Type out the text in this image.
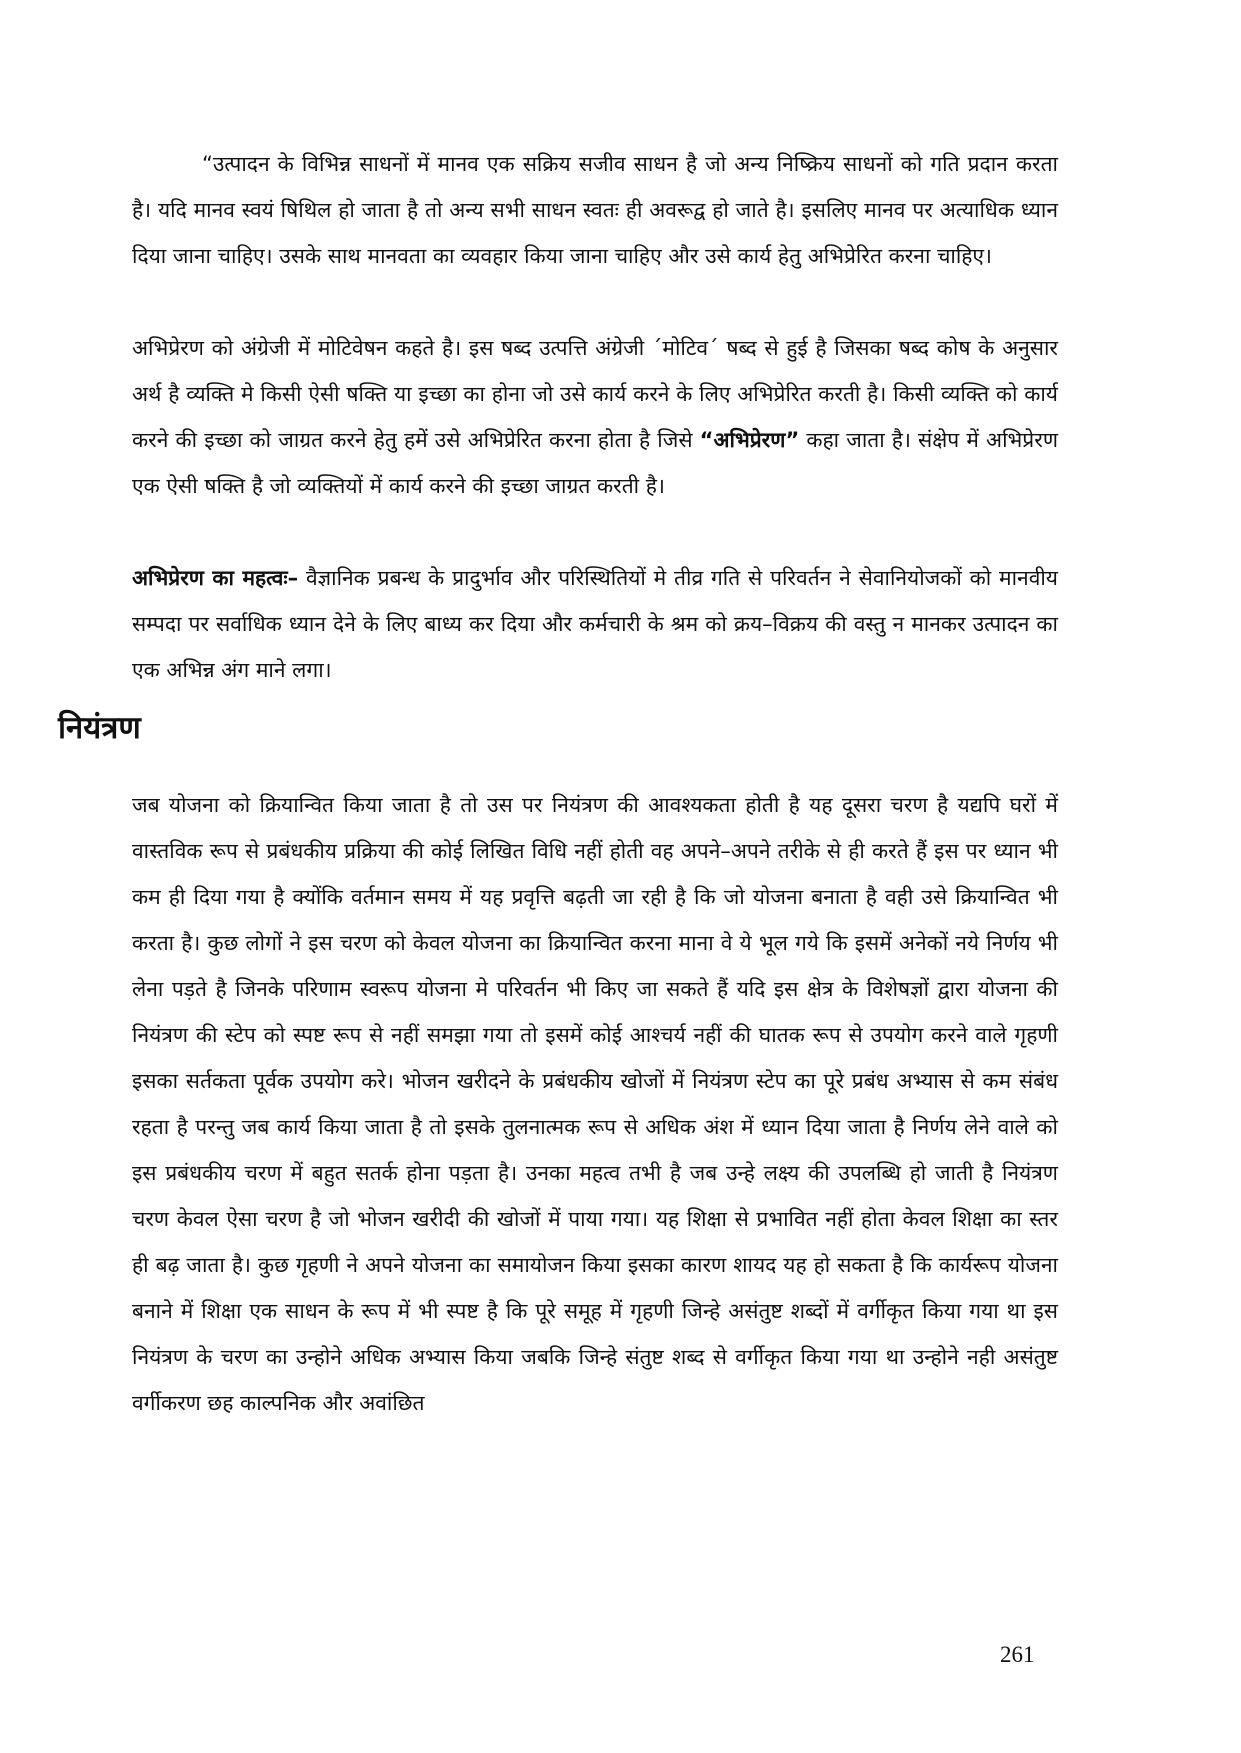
“उत्पादन के विभिन्न साधनों में मानव एक सक्रिय सजीव साधन है जो अन्य निष्क्रिय साधनों को गति प्रदान करता है। यदि मानव स्वयं षिथिल हो जाता है तो अन्य सभी साधन स्वतः ही अवरूद्व हो जाते है। इसलिए मानव पर अत्याधिक ध्यान दिया जाना चाहिए। उसके साथ मानवता का व्यवहार किया जाना चाहिए और उसे कार्य हेतु अभिप्रेरित करना चाहिए।

अभिप्रेरण को अंग्रेजी में मोटिवेषन कहते है। इस षब्द उत्पत्ति अंग्रेजी ´मोटिव´ षब्द से हुई है जिसका षब्द कोष के अनुसार अर्थ है व्यक्ति मे किसी ऐसी षक्ति या इच्छा का होना जो उसे कार्य करने के लिए अभिप्रेरित करती है। किसी व्यक्ति को कार्य करने की इच्छा को जाग्रत करने हेतु हमें उसे अभिप्रेरित करना होता है जिसे “अभिप्रेरण” कहा जाता है। संक्षेप में अभिप्रेरण एक ऐसी षक्ति है जो व्यक्तियों में कार्य करने की इच्छा जाग्रत करती है।

अभिप्रेरण का महत्वः– वैज्ञानिक प्रबन्ध के प्रादुर्भाव और परिस्थितियों मे तीव्र गति से परिवर्तन ने सेवानियोजकों को मानवीय सम्पदा पर सर्वाधिक ध्यान देने के लिए बाध्य कर दिया और कर्मचारी के श्रम को क्रय–विक्रय की वस्तु न मानकर उत्पादन का एक अभिन्न अंग माने लगा।

नियंत्रण

जब योजना को क्रियान्वित किया जाता है तो उस पर नियंत्रण की आवश्यकता होती है यह दूसरा चरण है यद्यपि घरों में वास्तविक रूप से प्रबंधकीय प्रक्रिया की कोई लिखित विधि नहीं होती वह अपने–अपने तरीके से ही करते हैं इस पर ध्यान भी कम ही दिया गया है क्योंकि वर्तमान समय में यह प्रवृत्ति बढ़ती जा रही है कि जो योजना बनाता है वही उसे क्रियान्वित भी करता है। कुछ लोगों ने इस चरण को केवल योजना का क्रियान्वित करना माना वे ये भूल गये कि इसमें अनेकों नये निर्णय भी लेना पड़ते है जिनके परिणाम स्वरूप योजना मे परिवर्तन भी किए जा सकते हैं यदि इस क्षेत्र के विशेषज्ञों द्वारा योजना की नियंत्रण की स्टेप को स्पष्ट रूप से नहीं समझा गया तो इसमें कोई आश्चर्य नहीं की घातक रूप से उपयोग करने वाले गृहणी इसका सर्तकता पूर्वक उपयोग करे। भोजन खरीदने के प्रबंधकीय खोजों में नियंत्रण स्टेप का पूरे प्रबंध अभ्यास से कम संबंध रहता है परन्तु जब कार्य किया जाता है तो इसके तुलनात्मक रूप से अधिक अंश में ध्यान दिया जाता है निर्णय लेने वाले को इस प्रबंधकीय चरण में बहुत सतर्क होना पड़ता है। उनका महत्व तभी है जब उन्हे लक्ष्य की उपलब्धि हो जाती है नियंत्रण चरण केवल ऐसा चरण है जो भोजन खरीदी की खोजों में पाया गया। यह शिक्षा से प्रभावित नहीं होता केवल शिक्षा का स्तर ही बढ़ जाता है। कुछ गृहणी ने अपने योजना का समायोजन किया इसका कारण शायद यह हो सकता है कि कार्यरूप योजना बनाने में शिक्षा एक साधन के रूप में भी स्पष्ट है कि पूरे समूह में गृहणी जिन्हे असंतुष्ट शब्दों में वर्गीकृत किया गया था इस नियंत्रण के चरण का उन्होने अधिक अभ्यास किया जबकि जिन्हे संतुष्ट शब्द से वर्गीकृत किया गया था उन्होने नही असंतुष्ट वर्गीकरण छह काल्पनिक और अवांछित

261
